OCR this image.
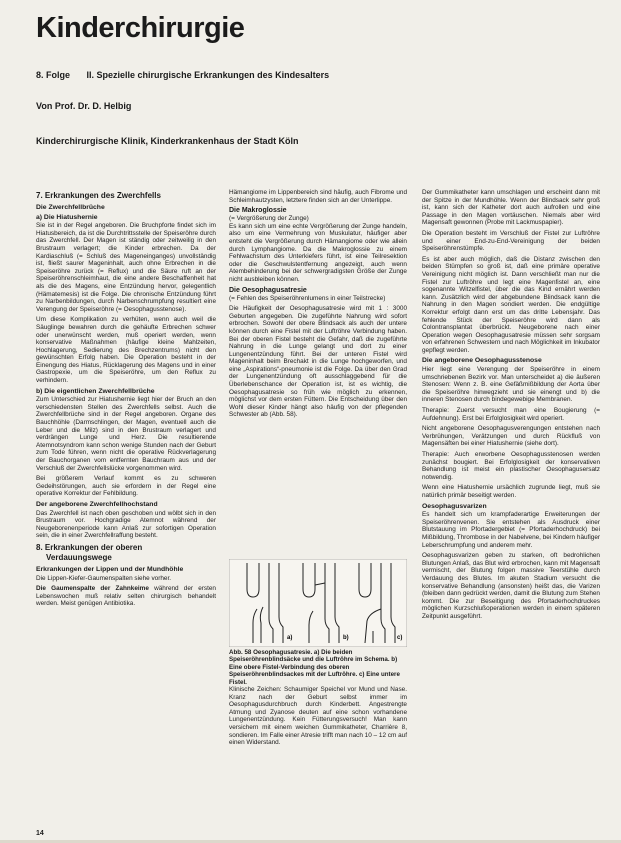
Kinderchirurgie
8. Folge II. Spezielle chirurgische Erkrankungen des Kindesalters
Von Prof. Dr. D. Helbig
Kinderchirurgische Klinik, Kinderkrankenhaus der Stadt Köln
7. Erkrankungen des Zwerchfells
Die Zwerchfellbrüche
a) Die Hiatushernie

Sie ist in der Regel angeboren. Die Bruchpforte findet sich im Hiatusbereich, da ist die Durchtrittsstelle der Speiseröhre durch das Zwerchfell. Der Magen ist ständig oder zeitweilig in den Brustraum verlagert; die Kinder erbrechen. Da der Kardiaschluß (= Schluß des Mageneinganges) unvollständig ist, fließt saurer Mageninhalt, auch ohne Erbrechen in die Speiseröhre zurück (= Reflux) und die Säure ruft an der Speiseröhrenschleimhaut, die eine andere Beschaffenheit hat als die des Magens, eine Entzündung hervor, gelegentlich (Hämatemesis) ist die Folge. Die chronische Entzündung führt zu Narbenbildungen, durch Narbenschrumpfung resultiert eine Verengung der Speiseröhre (= Oesophagusstenose).

Um diese Komplikation zu verhüten, wenn auch weil die Säuglinge bewahren durch die gehäufte Erbrechen schwer oder unerwünscht werden, muß operiert werden, wenn konservative Maßnahmen (häufige kleine Mahlzeiten, Hochlagerung, Sedierung des Brechzentrums) nicht den gewünschten Erfolg haben. Die Operation besteht in der Einengung des Hiatus, Rücklagerung des Magens und in einer Gastropexie, um die Speiseröhre, um den Reflux zu verhindern.

b) Die eigentlichen Zwerchfellbrüche

Zum Unterschied zur Hiatushernie liegt hier der Bruch an den verschiedensten Stellen des Zwerchfells selbst. Auch die Zwerchfellbrüche sind in der Regel angeboren. Organe des Bauchhöhle (Darmschlingen, der Magen, eventuell auch die Leber und die Milz) sind in den Brustraum verlagert und verdrängen Lunge und Herz. Die resultierende Atemnotsyndrom kann schon wenige Stunden nach der Geburt zum Tode führen, wenn nicht die operative Rückverlagerung der Bauchorganen vom entfernten Bauchraum aus und der Verschluß der Zwerchfellslücke vorgenommen wird.

Bei größerem Verlauf kommt es zu schweren Gedeihstörungen, auch sie erfordern in der Regel eine operative Korrektur der Fehlbildung.

Der angeborene Zwerchfellhochstand

Das Zwerchfell ist nach oben geschoben und wölbt sich in den Brustraum vor. Hochgradige Atemnot während der Neugeborenenperiode kann Anlaß zur sofortigen Operation sein, die in einer Zwerchfellraffung besteht.

8. Erkrankungen der oberen
Verdauungswege
Erkrankungen der Lippen und der Mundhöhle

Die Lippen-Kiefer-Gaumenspalten siehe vorher.

Die Gaumenspalte der Zahnkeime während der ersten Lebenswochen muß relativ selten chirurgisch behandelt werden. Meist genügen Antibiotika.

Hämangiome im Lippenbereich sind häufig, auch Fibrome und Schleimhautzysten, letztere finden sich an der Unterlippe.

Die Makroglossie
(= Vergrößerung der Zunge)

Es kann sich um eine echte Vergrößerung der Zunge handeln, also um eine Vermehrung von Muskulatur, häufiger aber entsteht die Vergrößerung durch Hämangiome oder wie allein durch Lymphangiome. Da die Makroglossie zu einem Fehlwachstum des Unterkiefers führt, ist eine Teilresektion oder die Geschwulstentfernung angezeigt, auch wenn Atembehinderung bei der schwergradigsten Größe der Zunge nicht ausbleiben können.

Die Oesophagusatresie

(= Fehlen des Speiseröhrenlumens in einer Teilstrecke)

Die Häufigkeit der Oesophagusatresie wird mit 1 : 3000 Geburten angegeben. Die zugeführte Nahrung wird sofort erbrochen. Sowohl der obere Blindsack als auch der untere können durch eine Fistel mit der Luftröhre Verbindung haben. Bei der oberen Fistel besteht die Gefahr, daß die zugeführte Nahrung in die Lunge gelangt und dort zu einer Lungenentzündung führt. Bei der unteren Fistel wird Mageninhalt beim Brechakt in die Lunge hochgeworfen, und eine „Aspirations“-pneumonie ist die Folge. Da über den Grad der Lungenentzündung oft ausschlaggebend für die Überlebenschance der Operation ist, ist es wichtig, die Oesophagusatresie so früh wie möglich zu erkennen, möglichst vor dem ersten Füttern. Die Entscheidung über den Wohl dieser Kinder hängt also häufig von der pflegenden Schwester ab (Abb. 58).

a)	b)	c)
Abb. 58 Oesophagusatresie. a) Die beiden Speiseröhrenblindsäcke und die Luftröhre im Schema. b) Eine obere Fistel-Verbindung des oberen Speiseröhrenblindsackes mit der Luftröhre. c) Eine untere Fistel.

Klinische Zeichen: Schaumiger Speichel vor Mund und Nase. Kranz nach der Geburt selbst immer im Oesophagusdurchbruch durch Kinderbett. Angestrengte Atmung und Zyanose deuten auf eine schon vorhandene Lungenentzündung. Kein Fütterungsversuch! Man kann versichern mit einem weichen Gummikatheter, Charrière 8, sondieren. Im Falle einer Atresie trifft man nach 10 – 12 cm auf einen Widerstand.

Der Gummikatheter kann umschlagen und erscheint dann mit der Spitze in der Mundhöhle. Wenn der Blindsack sehr groß ist, kann sich der Katheter dort auch aufrollen und eine Passage in den Magen vortäuschen. Niemals aber wird Magensaft gewonnen (Probe mit Lackmuspapier).

Die Operation besteht im Verschluß der Fistel zur Luftröhre und einer End-zu-End-Vereinigung der beiden Speiseröhrenstümpfe.

Es ist aber auch möglich, daß die Distanz zwischen den beiden Stümpfen so groß ist, daß eine primäre operative Vereinigung nicht möglich ist. Dann verschließt man nur die Fistel zur Luftröhre und legt eine Magenfistel an, eine sogenannte Witzelfistel, über die das Kind ernährt werden kann. Zusätzlich wird der abgebundene Blindsack kann die Nahrung in den Magen sondiert werden. Die endgültige Korrektur erfolgt dann erst um das dritte Lebensjahr. Das fehlende Stück der Speiseröhre wird dann als Colontransplantat überbrückt. Neugeborene nach einer Operation wegen Oesophagusatresie müssen sehr sorgsam von erfahrenen Schwestern und nach Möglichkeit im Inkubator gepflegt werden.

Die angeborene Oesophagusstenose

Hier liegt eine Verengung der Speiseröhre in einem umschriebenen Bezirk vor. Man unterscheidet a) die äußeren Stenosen: Wenn z. B. eine Gefäßmißbildung der Aorta über die Speiseröhre hinwegzieht und sie einengt und b) die inneren Stenosen durch bindegewebige Membranen.

Therapie: Zuerst versucht man eine Bougierung (= Aufdehnung). Erst bei Erfolglosigkeit wird operiert.

Nicht angeborene Oesophagusverengungen entstehen nach Verbrühungen, Verätzungen und durch Rückfluß von Magensäften bei einer Hiatushernie (siehe dort).

Therapie: Auch erworbene Oesophagusstenosen werden zunächst bougiert. Bei Erfolglosigkeit der konservativen Behandlung ist meist ein plastischer Oesophagusersatz notwendig.

Wenn eine Hiatushernie ursächlich zugrunde liegt, muß sie natürlich primär beseitigt werden.

Oesophagusvarizen

Es handelt sich um krampfaderartige Erweiterungen der Speiseröhrenvenen. Sie entstehen als Ausdruck einer Blutstauung im Pfortadergebiet (= Pfortaderhochdruck) bei Mißbildung, Thrombose in der Nabelvene, bei Kindern häufiger Leberschrumpfung und anderem mehr.

Oesophagusvarizen geben zu starken, oft bedrohlichen Blutungen Anlaß, das Blut wird erbrochen, kann mit Magensaft vermischt, der Blutung folgen massive Teerstühle durch Verdauung des Blutes. Im akuten Stadium versucht die konservative Behandlung (ansonsten) heißt das, die Varizen (bleiben dann gedrückt werden, damit die Blutung zum Stehen kommt. Die zur Beseitigung des Pfortaderhochdruckes möglichen Kurzschlußoperationen werden in einem späteren Zeitpunkt ausgeführt.

14
